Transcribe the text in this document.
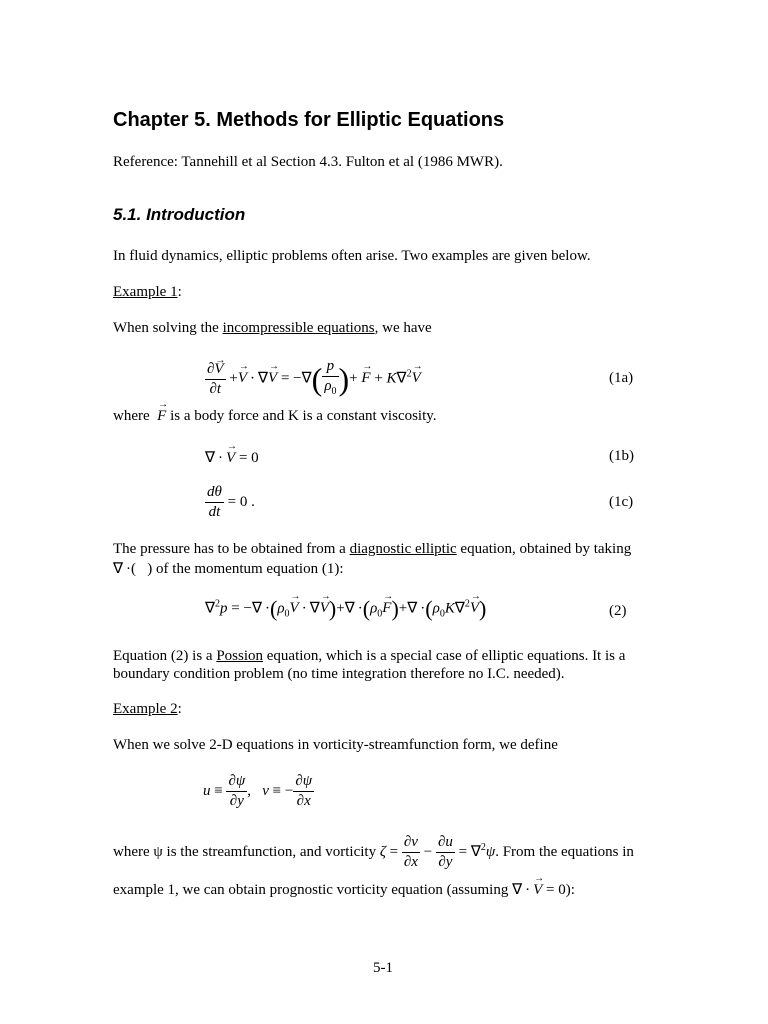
Chapter 5. Methods for Elliptic Equations
Reference: Tannehill et al Section 4.3. Fulton et al (1986 MWR).
5.1. Introduction
In fluid dynamics, elliptic problems often arise. Two examples are given below.
Example 1:
When solving the incompressible equations, we have
$\frac{\partial\to V}{\partial t} +\to V$ · ∇→ V = −∇( $\frac{p}{\rho_0}$ )+ → F + K∇$^2$→ V	(1a)
where  → F is a body force and K is a constant viscosity.
∇ · → V = 0	(1b)
$\frac{d\theta}{dt} = 0$ .	(1c)
The pressure has to be obtained from a diagnostic elliptic equation, obtained by taking
∇ ·(   ) of the momentum equation (1):
∇$^2$p = −∇ $\cdot(\rho_0\to V$ · ∇→ $V)+\nabla \cdot(\rho_0\to F)+\nabla \cdot(\rho_0K\nabla^2\to V)$	(2)
Equation (2) is a Possion equation, which is a special case of elliptic equations. It is a boundary condition problem (no time integration therefore no I.C. needed).
Example 2:
When we solve 2-D equations in vorticity-streamfunction form, we define
$u \equiv \frac{\partial\psi}{\partial y}$ ,   v ≡ − $\frac{\partial\psi}{\partial x}$
where ψ is the streamfunction, and vorticity $\zeta = \frac{\partial v}{\partial x} - \frac{\partial u}{\partial y} = \nabla^2\psi$. From the equations in
example 1, we can obtain prognostic vorticity equation (assuming ∇ · → V = 0):
5-1
